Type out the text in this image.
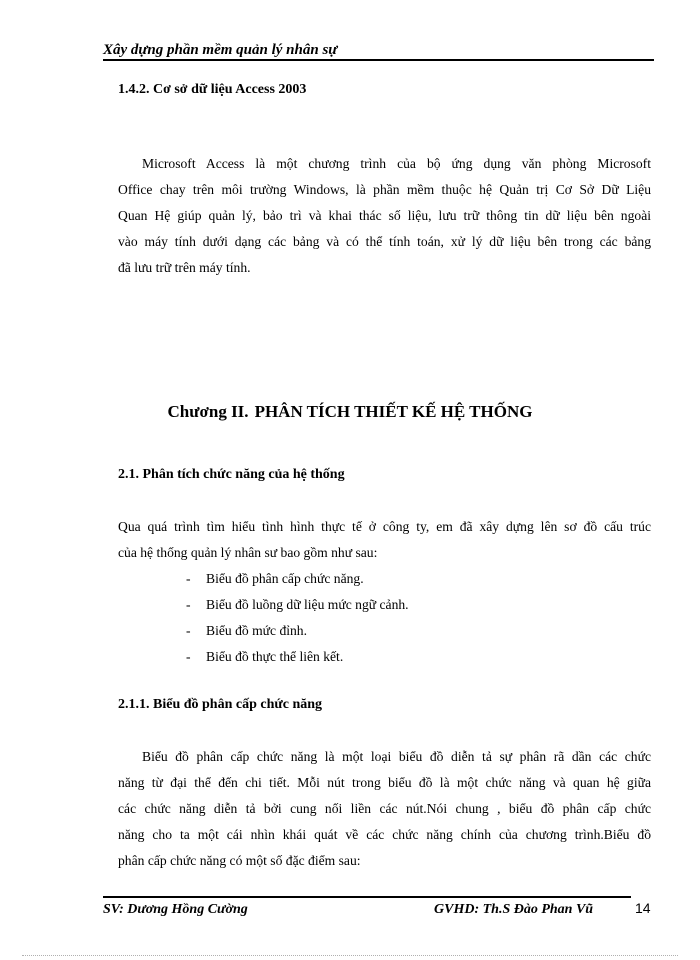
Xây dựng phần mềm quản lý nhân sự
1.4.2. Cơ sở dữ liệu Access 2003
Microsoft Access là một chương trình của bộ ứng dụng văn phòng Microsoft
Office chay trên môi trường Windows, là phần mềm thuộc hệ Quản trị Cơ Sở Dữ Liệu
Quan Hệ giúp quản lý, bảo trì và khai thác số liệu, lưu trữ thông tin dữ liệu bên ngoài
vào máy tính dưới dạng các bảng và có thể tính toán, xử lý dữ liệu bên trong các bảng
đã lưu trữ trên máy tính.
Chương II. PHÂN TÍCH THIẾT KẾ HỆ THỐNG
2.1. Phân tích chức năng của hệ thống
Qua quá trình tìm hiểu tình hình thực tế ở công ty, em đã xây dựng lên sơ đồ cấu trúc
của hệ thống quản lý nhân sư bao gồm như sau:
- Biểu đồ phân cấp chức năng.
- Biểu đồ luồng dữ liệu mức ngữ cảnh.
- Biểu đồ mức đỉnh.
- Biểu đồ thực thể liên kết.
2.1.1. Biểu đồ phân cấp chức năng
Biểu đồ phân cấp chức năng là một loại biểu đồ diễn tả sự phân rã dần các chức
năng từ đại thể đến chi tiết. Mỗi nút trong biểu đồ là một chức năng và quan hệ giữa
các chức năng diễn tả bởi cung nối liền các nút.Nói chung , biểu đồ phân cấp chức
năng cho ta một cái nhìn khái quát về các chức năng chính của chương trình.Biểu đồ
phân cấp chức năng có một số đặc điểm sau:
SV: Dương Hồng Cường	GVHD: Th.S Đào Phan Vũ	14
